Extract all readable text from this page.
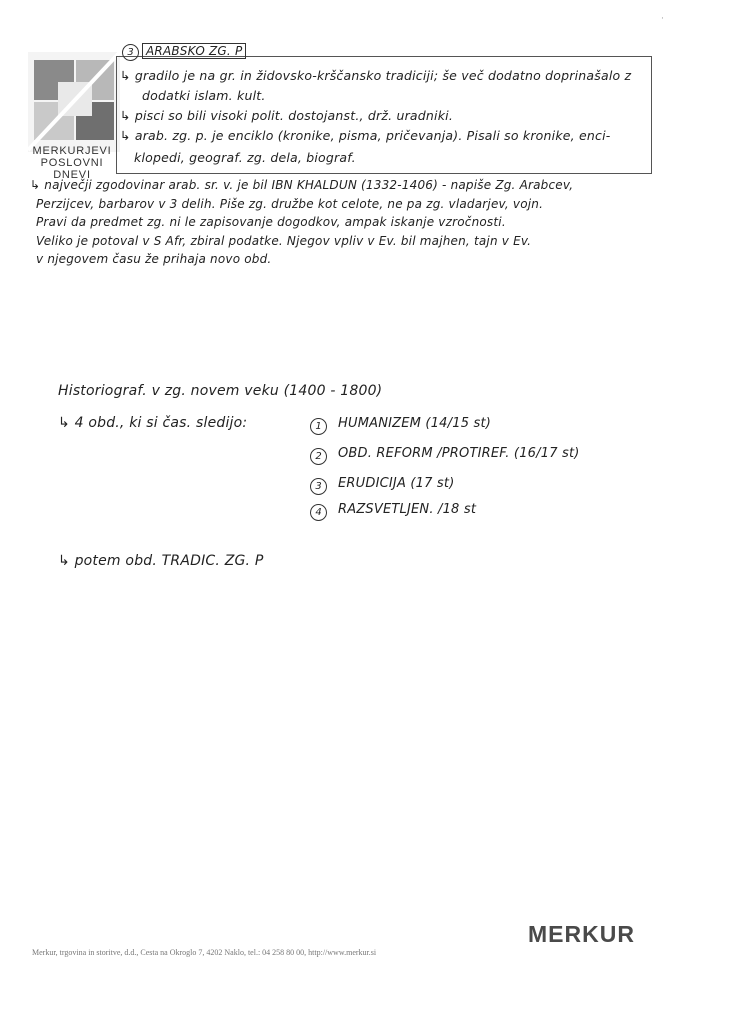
MERKURJEVI
POSLOVNI DNEVI
3	ARABSKO ZG. P
↳ gradilo je na gr. in židovsko-krščansko tradiciji; še več dodatno doprinašalo z
dodatki islam. kult.
↳ pisci so bili visoki polit. dostojanst., drž. uradniki.
↳ arab. zg. p. je enciklo (kronike, pisma, pričevanja). Pisali so kronike, enci-
klopedi, geograf. zg. dela, biograf.
↳ največji zgodovinar arab. sr. v. je bil IBN KHALDUN (1332-1406) - napiše Zg. Arabcev,
Perzijcev, barbarov v 3 delih. Piše zg. družbe kot celote, ne pa zg. vladarjev, vojn.
Pravi da predmet zg. ni le zapisovanje dogodkov, ampak iskanje vzročnosti.
Veliko je potoval v S Afr, zbiral podatke. Njegov vpliv v Ev. bil majhen, tajn v Ev.
v njegovem času že prihaja novo obd.
Historiograf. v zg. novem veku (1400 - 1800)
↳ 4 obd., ki si čas. sledijo:	1	HUMANIZEM (14/15 st)
2	OBD. REFORM /PROTIREF. (16/17 st)
3	ERUDICIJA (17 st)
4	RAZSVETLJEN. /18 st
↳ potem obd. TRADIC. ZG. P
MERKUR
Merkur, trgovina in storitve, d.d., Cesta na Okroglo 7, 4202 Naklo, tel.: 04 258 80 00, http://www.merkur.si
·
